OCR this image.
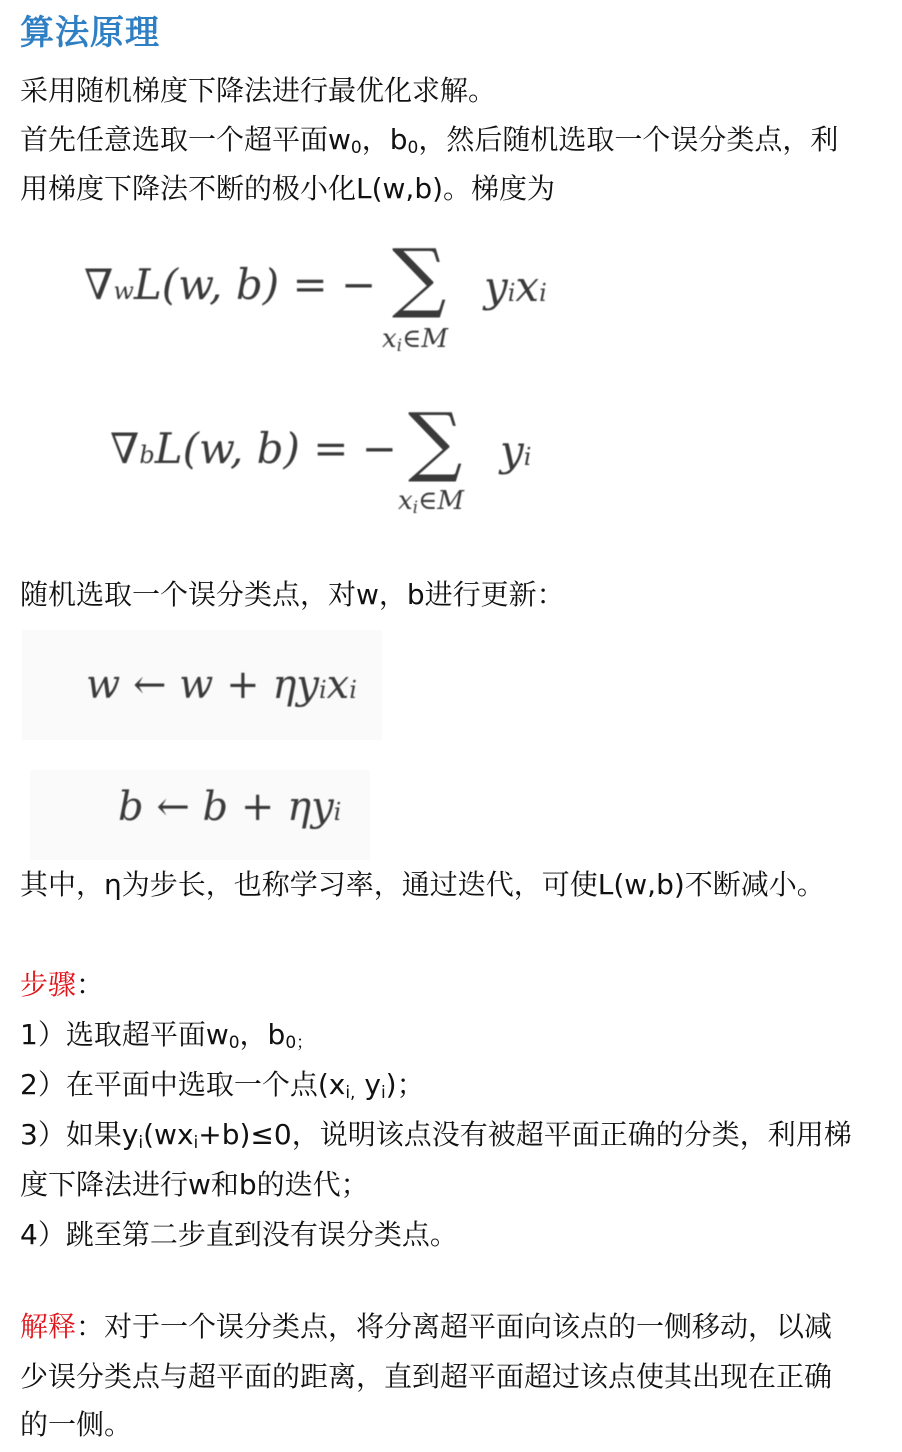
算法原理
采用随机梯度下降法进行最优化求解。
首先任意选取一个超平面$w_0$，$b_0$，然后随机选取一个误分类点，利
用梯度下降法不断的极小化L(w,b)。梯度为
∇wL(w, b) = − ∑
$x_i\in M$
yixi
∇bL(w, b) = − ∑
$x_i\in M$
yi
随机选取一个误分类点，对w，b进行更新：
w ← w + ηyixi
b ← b + ηyi
其中，η为步长，也称学习率，通过迭代，可使L(w,b)不断减小。
步骤：
1）选取超平面$w_0$，$b_{0;}$
2）在平面中选取一个点($x_{i,}$ $y_i$)；
3）如果$y_i(wx_i+b)\le 0$，说明该点没有被超平面正确的分类，利用梯
度下降法进行w和b的迭代；
4）跳至第二步直到没有误分类点。
解释：对于一个误分类点，将分离超平面向该点的一侧移动，以减
少误分类点与超平面的距离，直到超平面超过该点使其出现在正确
的一侧。
